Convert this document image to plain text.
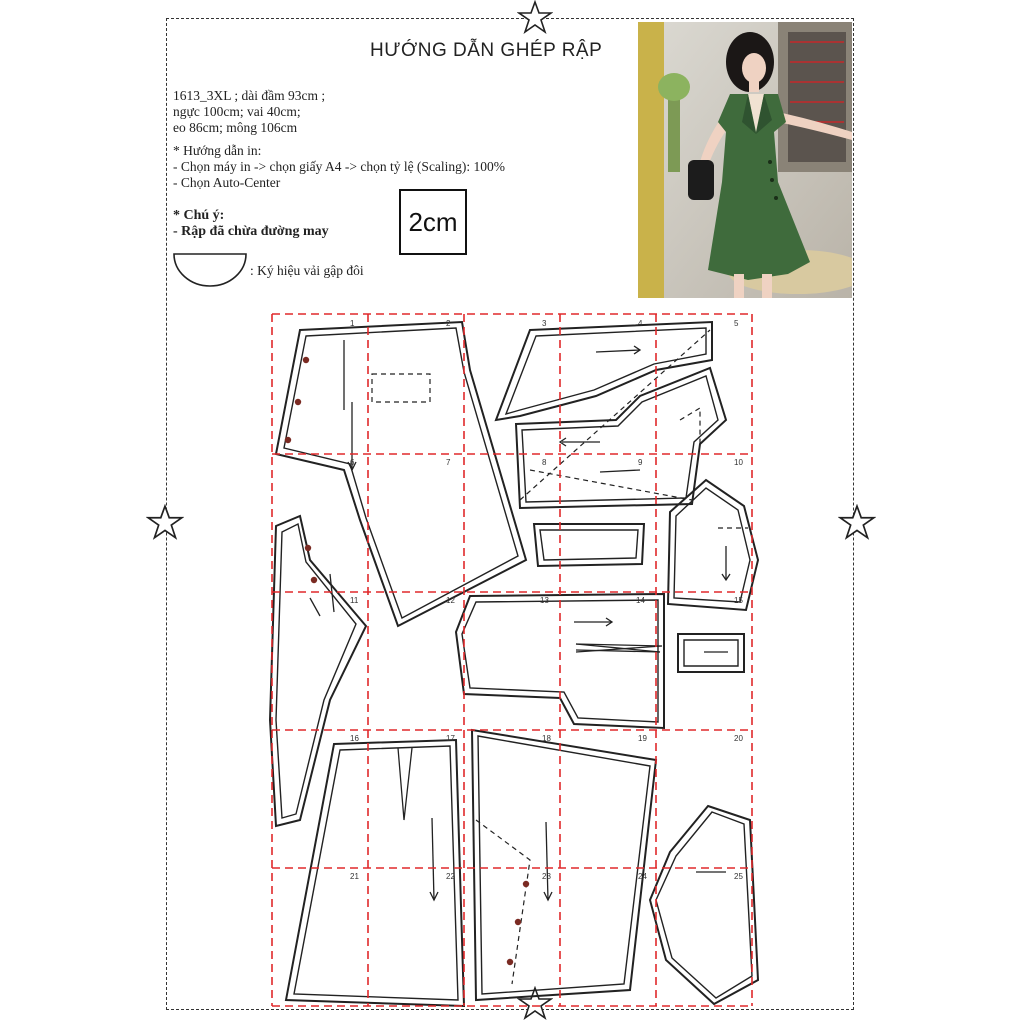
HƯỚNG DẪN GHÉP RẬP
1613_3XL ; dài đầm 93cm ;
ngực 100cm; vai 40cm;
eo 86cm; mông 106cm
* Hướng dẫn in:
- Chọn máy in -> chọn giấy A4 -> chọn tỷ lệ (Scaling): 100%
- Chọn Auto-Center
* Chú ý:
- Rập đã chừa đường may	2cm
: Ký hiệu vải gập đôi
1	2	3	4	5
6	7	8	9	10
11	12	13	14	15
16	17	18	19	20
21	22	23	24	25
